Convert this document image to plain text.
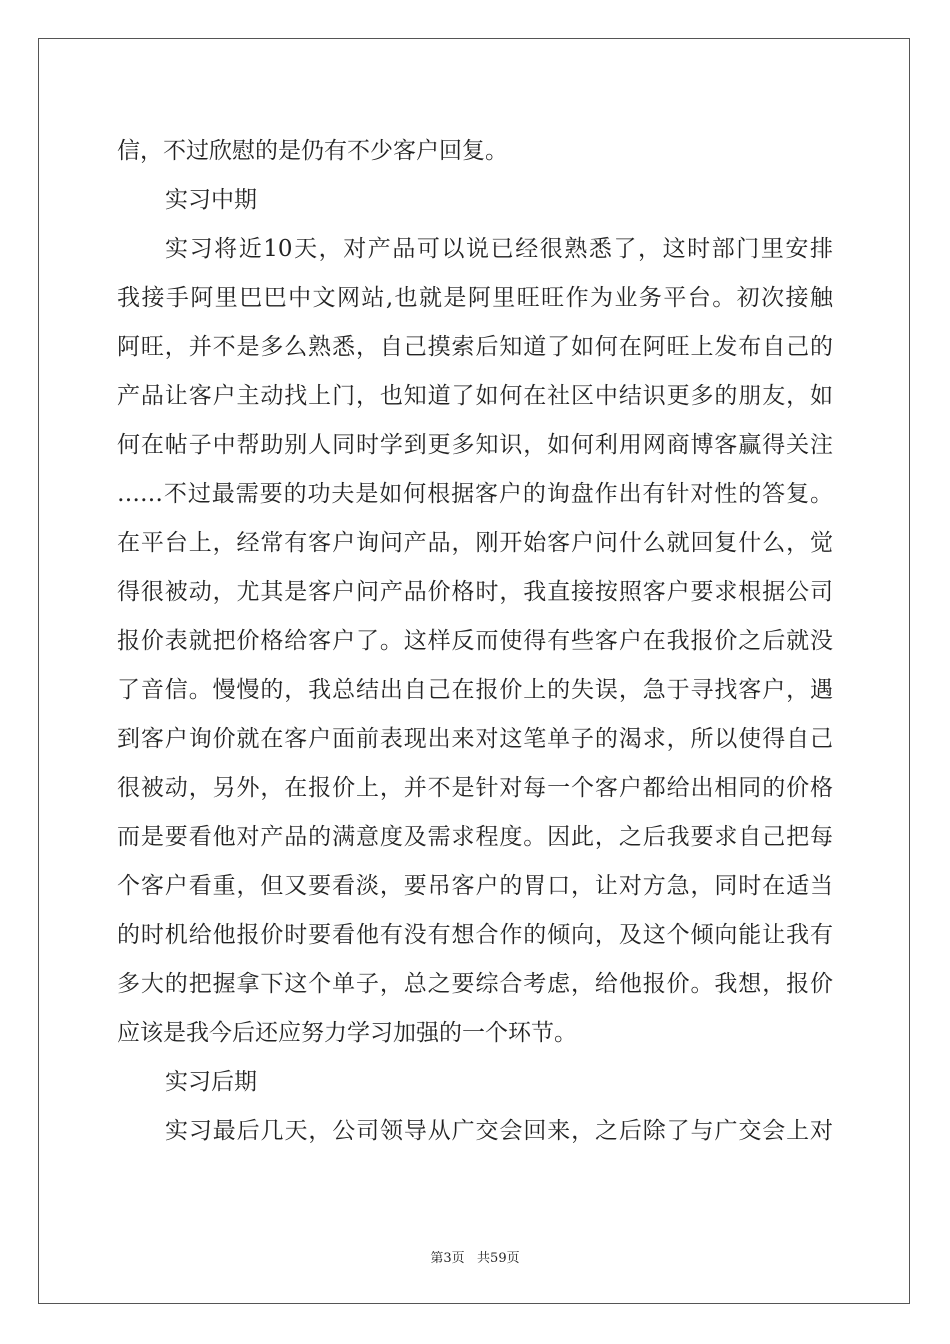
信，不过欣慰的是仍有不少客户回复。
实习中期
实习将近10天，对产品可以说已经很熟悉了，这时部门里安排
我接手阿里巴巴中文网站,也就是阿里旺旺作为业务平台。初次接触
阿旺，并不是多么熟悉，自己摸索后知道了如何在阿旺上发布自己的
产品让客户主动找上门，也知道了如何在社区中结识更多的朋友，如
何在帖子中帮助别人同时学到更多知识，如何利用网商博客赢得关注
……不过最需要的功夫是如何根据客户的询盘作出有针对性的答复。
在平台上，经常有客户询问产品，刚开始客户问什么就回复什么，觉
得很被动，尤其是客户问产品价格时，我直接按照客户要求根据公司
报价表就把价格给客户了。这样反而使得有些客户在我报价之后就没
了音信。慢慢的，我总结出自己在报价上的失误，急于寻找客户，遇
到客户询价就在客户面前表现出来对这笔单子的渴求，所以使得自己
很被动，另外，在报价上，并不是针对每一个客户都给出相同的价格
而是要看他对产品的满意度及需求程度。因此，之后我要求自己把每
个客户看重，但又要看淡，要吊客户的胃口，让对方急，同时在适当
的时机给他报价时要看他有没有想合作的倾向，及这个倾向能让我有
多大的把握拿下这个单子，总之要综合考虑，给他报价。我想，报价
应该是我今后还应努力学习加强的一个环节。
实习后期
实习最后几天，公司领导从广交会回来，之后除了与广交会上对
第3页   共59页
